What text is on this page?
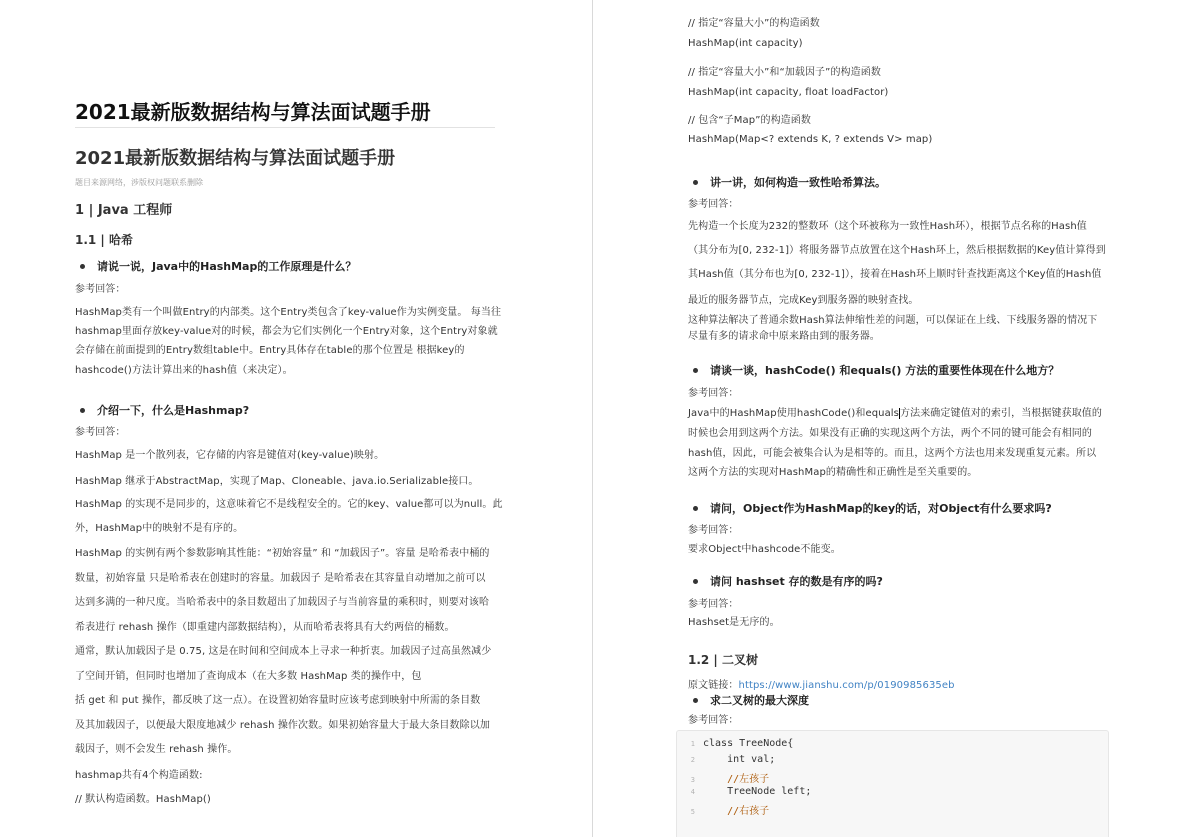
2021最新版数据结构与算法面试题手册
2021最新版数据结构与算法面试题手册
题目来源网络，涉版权问题联系删除
1 | Java 工程师
1.1 | 哈希
请说一说，Java中的HashMap的工作原理是什么？
参考回答：
HashMap类有一个叫做Entry的内部类。这个Entry类包含了key-value作为实例变量。 每当往
hashmap里面存放key-value对的时候，都会为它们实例化一个Entry对象，这个Entry对象就
会存储在前面提到的Entry数组table中。Entry具体存在table的那个位置是 根据key的
hashcode()方法计算出来的hash值（来决定）。
介绍一下，什么是Hashmap?
参考回答：
HashMap 是一个散列表，它存储的内容是键值对(key-value)映射。
HashMap 继承于AbstractMap，实现了Map、Cloneable、java.io.Serializable接口。
HashMap 的实现不是同步的，这意味着它不是线程安全的。它的key、value都可以为null。此
外，HashMap中的映射不是有序的。
HashMap 的实例有两个参数影响其性能：“初始容量” 和 “加载因子”。容量 是哈希表中桶的
数量，初始容量 只是哈希表在创建时的容量。加载因子 是哈希表在其容量自动增加之前可以
达到多满的一种尺度。当哈希表中的条目数超出了加载因子与当前容量的乘积时，则要对该哈
希表进行 rehash 操作（即重建内部数据结构），从而哈希表将具有大约两倍的桶数。
通常，默认加载因子是 0.75, 这是在时间和空间成本上寻求一种折衷。加载因子过高虽然减少
了空间开销，但同时也增加了查询成本（在大多数 HashMap 类的操作中，包
括 get 和 put 操作，都反映了这一点）。在设置初始容量时应该考虑到映射中所需的条目数
及其加载因子，以便最大限度地减少 rehash 操作次数。如果初始容量大于最大条目数除以加
载因子，则不会发生 rehash 操作。
hashmap共有4个构造函数:
// 默认构造函数。HashMap()
// 指定“容量大小”的构造函数
HashMap(int capacity)
// 指定“容量大小”和“加载因子”的构造函数
HashMap(int capacity, float loadFactor)
// 包含“子Map”的构造函数
HashMap(Map<? extends K, ? extends V> map)
讲一讲，如何构造一致性哈希算法。
参考回答：
先构造一个长度为232的整数环（这个环被称为一致性Hash环），根据节点名称的Hash值
（其分布为[0, 232-1]）将服务器节点放置在这个Hash环上，然后根据数据的Key值计算得到
其Hash值（其分布也为[0, 232-1]），接着在Hash环上顺时针查找距离这个Key值的Hash值
最近的服务器节点，完成Key到服务器的映射查找。
这种算法解决了普通余数Hash算法伸缩性差的问题，可以保证在上线、下线服务器的情况下
尽量有多的请求命中原来路由到的服务器。
请谈一谈，hashCode() 和equals() 方法的重要性体现在什么地方？
参考回答：
Java中的HashMap使用hashCode()和equals方法来确定键值对的索引，当根据键获取值的
时候也会用到这两个方法。如果没有正确的实现这两个方法，两个不同的键可能会有相同的
hash值，因此，可能会被集合认为是相等的。而且，这两个方法也用来发现重复元素。所以
这两个方法的实现对HashMap的精确性和正确性是至关重要的。
请问，Object作为HashMap的key的话，对Object有什么要求吗?
参考回答：
要求Object中hashcode不能变。
请问 hashset 存的数是有序的吗?
参考回答：
Hashset是无序的。
1.2 | 二叉树
原文链接：https://www.jianshu.com/p/0190985635eb
求二叉树的最大深度
参考回答：
1 class TreeNode{
2    int val;
3    //左孩子
4    TreeNode left;
5    //右孩子
